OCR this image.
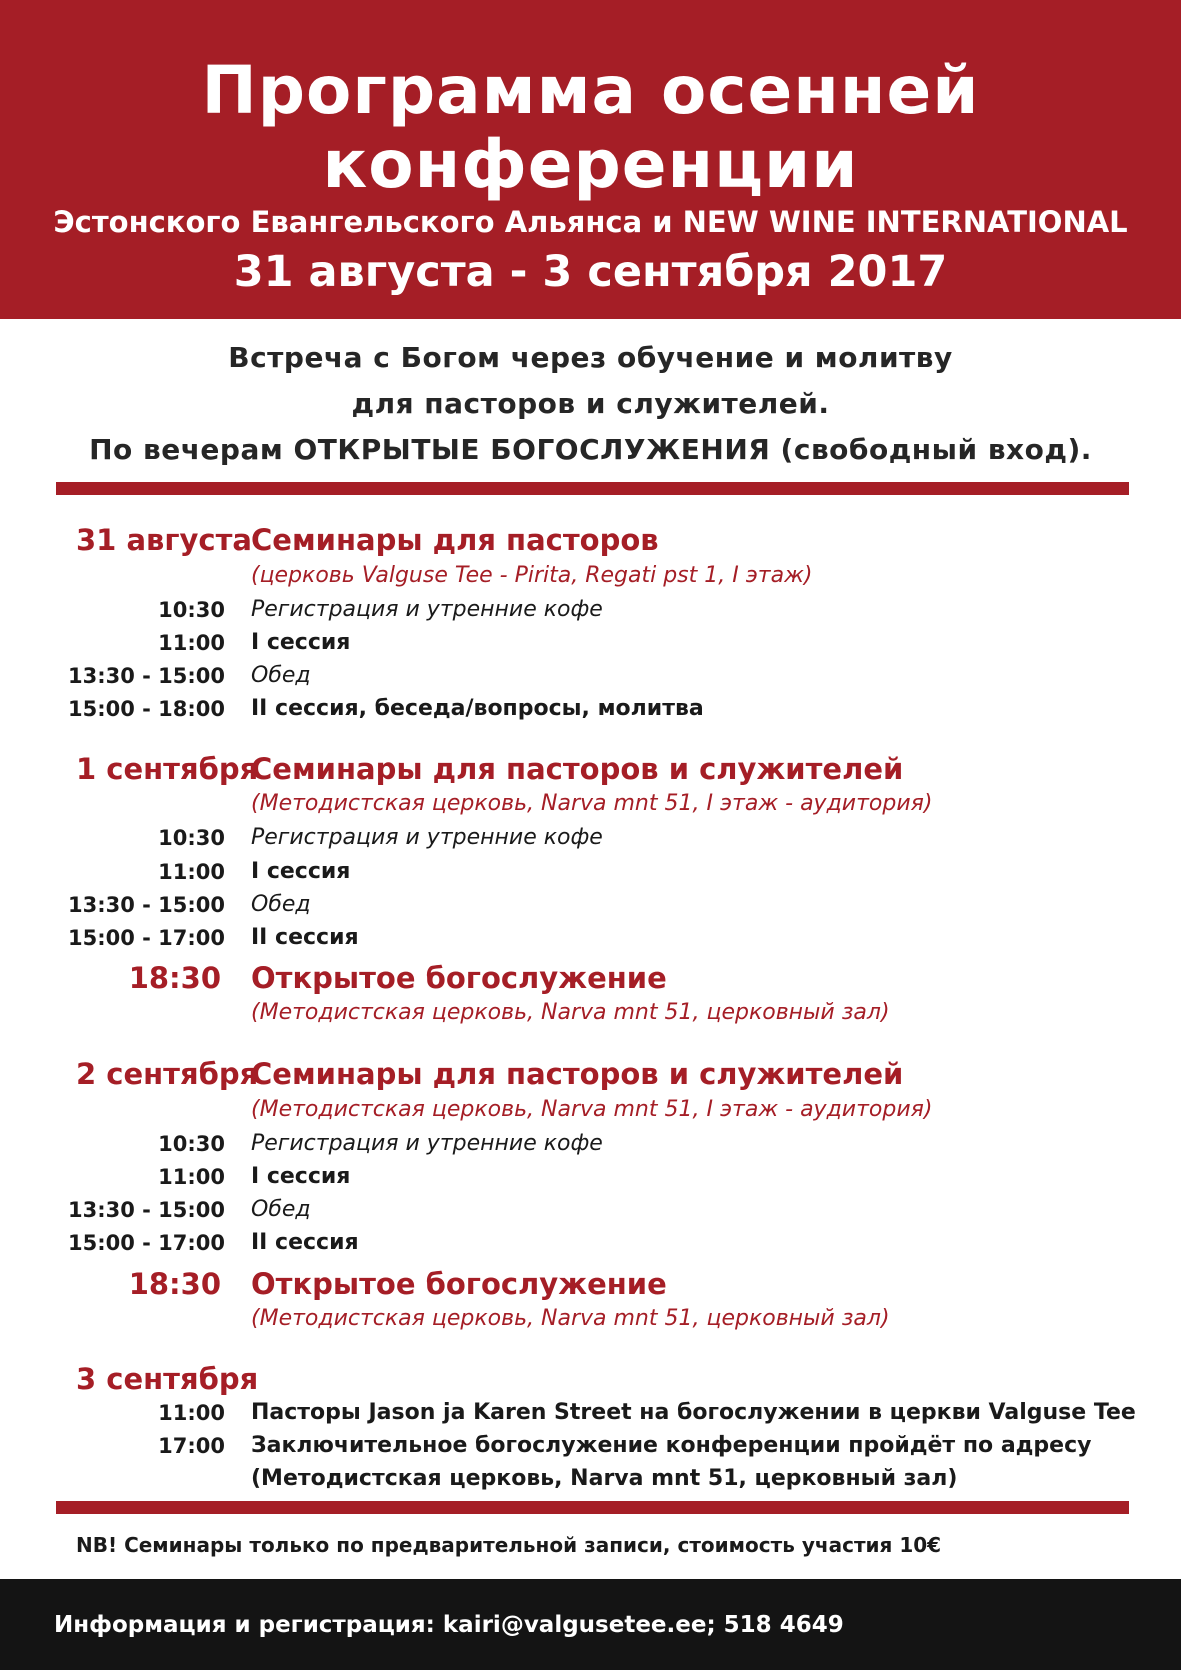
Программа осенней
конференции
Эстонского Евангельского Альянса и NEW WINE INTERNATIONAL
31 августа - 3 сентября 2017
Встреча с Богом через обучение и молитву
для пасторов и служителей.
По вечерам ОТКРЫТЫЕ БОГОСЛУЖЕНИЯ (свободный вход).
31 августа Семинары для пасторов
(церковь Valguse Tee - Pirita, Regati pst 1, I этаж)
10:30 Регистрация и утренние кофе
11:00 I сессия
13:30 - 15:00 Обед
15:00 - 18:00 II сессия, беседа/вопросы, молитва
1 сентября
Семинары для пасторов и служителей
(Методистская церковь, Narva mnt 51, I этаж - аудитория)
10:30 Регистрация и утренние кофе
11:00 I сессия
13:30 - 15:00 Обед
15:00 - 17:00 II сессия
18:30 Открытое богослужение
(Методистская церковь, Narva mnt 51, церковный зал)
2 сентября
Семинары для пасторов и служителей
(Методистская церковь, Narva mnt 51, I этаж - аудитория)
10:30 Регистрация и утренние кофе
11:00 I сессия
13:30 - 15:00 Обед
15:00 - 17:00 II сессия
18:30 Открытое богослужение
(Методистская церковь, Narva mnt 51, церковный зал)
3 сентября
11:00 Пасторы Jason ja Karen Street на богослужении в церкви Valguse Tee
17:00 Заключительное богослужение конференции пройдёт по адресу
(Методистская церковь, Narva mnt 51, церковный зал)
NB! Семинары только по предварительной записи, стоимость участия 10€
Информация и регистрация: kairi@valgusetee.ee; 518 4649
